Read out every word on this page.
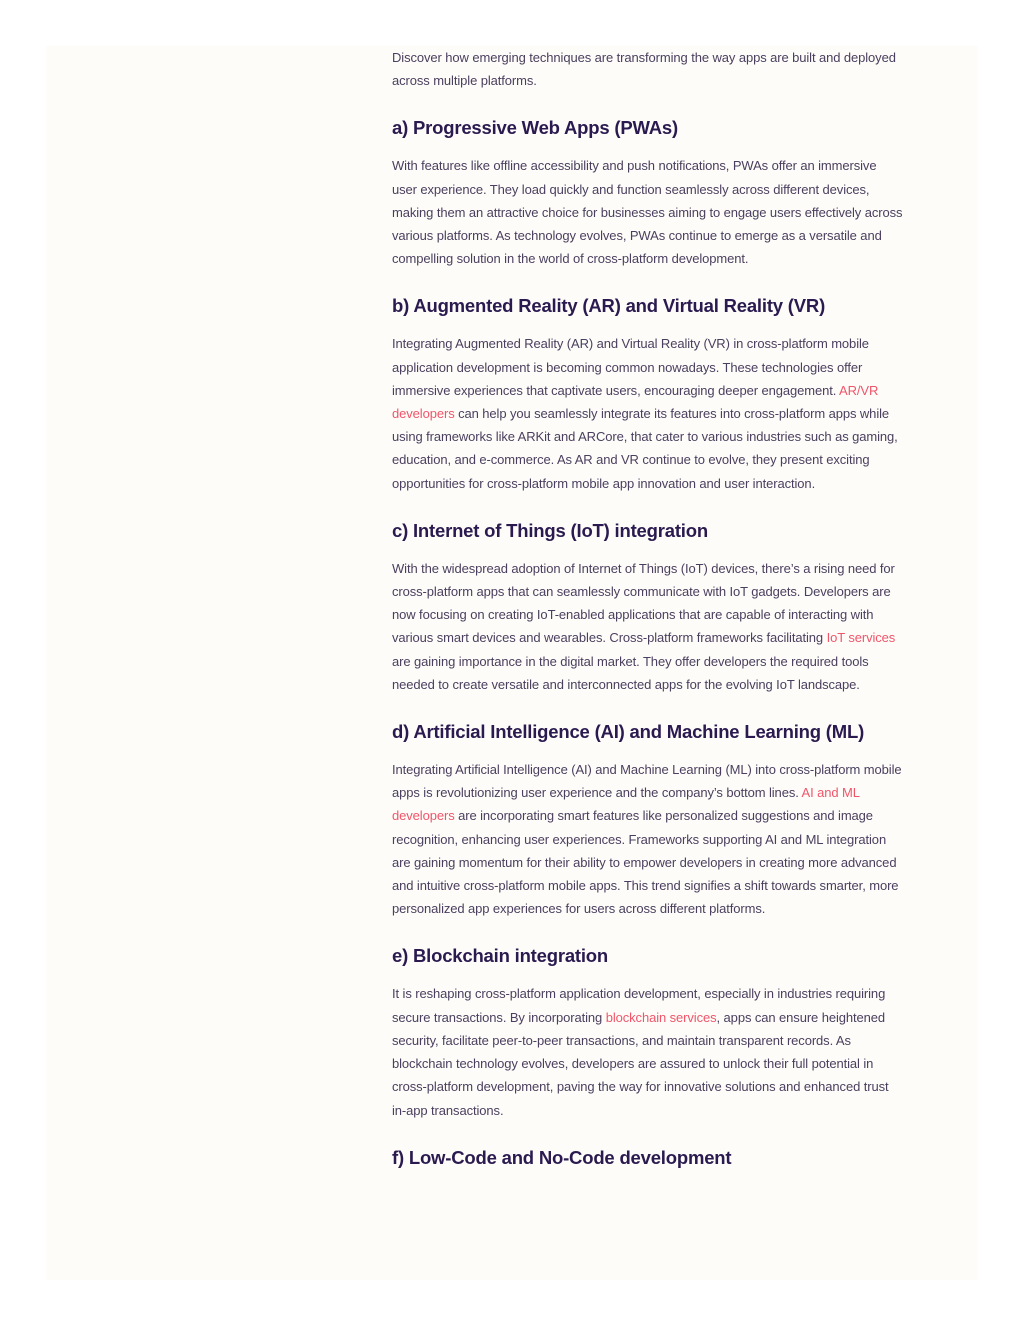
Discover how emerging techniques are transforming the way apps are built and deployed across multiple platforms.

a) Progressive Web Apps (PWAs)

With features like offline accessibility and push notifications, PWAs offer an immersive user experience. They load quickly and function seamlessly across different devices, making them an attractive choice for businesses aiming to engage users effectively across various platforms. As technology evolves, PWAs continue to emerge as a versatile and compelling solution in the world of cross-platform development.

b) Augmented Reality (AR) and Virtual Reality (VR)

Integrating Augmented Reality (AR) and Virtual Reality (VR) in cross-platform mobile application development is becoming common nowadays. These technologies offer immersive experiences that captivate users, encouraging deeper engagement. AR/VR developers can help you seamlessly integrate its features into cross-platform apps while using frameworks like ARKit and ARCore, that cater to various industries such as gaming, education, and e-commerce. As AR and VR continue to evolve, they present exciting opportunities for cross-platform mobile app innovation and user interaction.

c) Internet of Things (IoT) integration

With the widespread adoption of Internet of Things (IoT) devices, there’s a rising need for cross-platform apps that can seamlessly communicate with IoT gadgets. Developers are now focusing on creating IoT-enabled applications that are capable of interacting with various smart devices and wearables. Cross-platform frameworks facilitating IoT services are gaining importance in the digital market. They offer developers the required tools needed to create versatile and interconnected apps for the evolving IoT landscape.

d) Artificial Intelligence (AI) and Machine Learning (ML)

Integrating Artificial Intelligence (AI) and Machine Learning (ML) into cross-platform mobile apps is revolutionizing user experience and the company’s bottom lines. AI and ML developers are incorporating smart features like personalized suggestions and image recognition, enhancing user experiences. Frameworks supporting AI and ML integration are gaining momentum for their ability to empower developers in creating more advanced and intuitive cross-platform mobile apps. This trend signifies a shift towards smarter, more personalized app experiences for users across different platforms.

e) Blockchain integration

It is reshaping cross-platform application development, especially in industries requiring secure transactions. By incorporating blockchain services, apps can ensure heightened security, facilitate peer-to-peer transactions, and maintain transparent records. As blockchain technology evolves, developers are assured to unlock their full potential in cross-platform development, paving the way for innovative solutions and enhanced trust in-app transactions.

f) Low-Code and No-Code development
